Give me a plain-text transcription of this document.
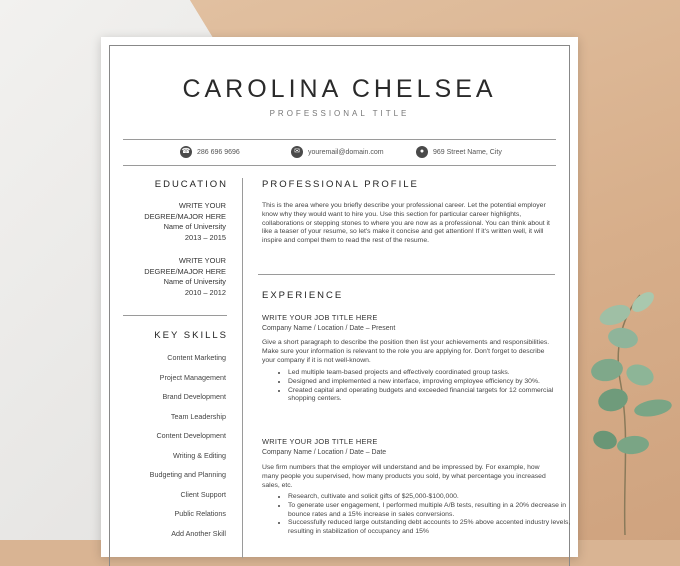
CAROLINA CHELSEA
PROFESSIONAL TITLE
☎ 286 696 9696	✉	youremail@domain.com	●	969 Street Name, City
EDUCATION
WRITE YOUR
DEGREE/MAJOR HERE
Name of University
2013 – 2015
WRITE YOUR
DEGREE/MAJOR HERE
Name of University
2010 – 2012
KEY SKILLS
Content Marketing
Project Management
Brand Development
Team Leadership
Content Development
Writing & Editing
Budgeting and Planning
Client Support
Public Relations
Add Another Skill
PROFESSIONAL PROFILE
This is the area where you briefly describe your professional career. Let the potential employer know why they would want to hire you. Use this section for particular career highlights, collaborations or stepping stones to where you are now as a professional. You can think about it like a teaser of your resume, so let's make it concise and get attention! If it's written well, it will inspire and compel them to read the rest of the resume.
EXPERIENCE
WRITE YOUR JOB TITLE HERE
Company Name / Location / Date – Present
Give a short paragraph to describe the position then list your achievements and responsibilities. Make sure your information is relevant to the role you are applying for. Don't forget to describe your company if it is not well-known.
• Led multiple team-based projects and effectively coordinated group tasks.
• Designed and implemented a new interface, improving employee efficiency by 30%.
• Created capital and operating budgets and exceeded financial targets for 12 commercial shopping centers.
WRITE YOUR JOB TITLE HERE
Company Name / Location / Date – Date
Use firm numbers that the employer will understand and be impressed by. For example, how many people you supervised, how many products you sold, by what percentage you increased sales, etc.
• Research, cultivate and solicit gifts of $25,000-$100,000.
• To generate user engagement, I performed multiple A/B tests, resulting in a 20% decrease in bounce rates and a 15% increase in sales conversions.
• Successfully reduced large outstanding debt accounts to 25% above accented industry levels, resulting in stabilization of occupancy and 15%
